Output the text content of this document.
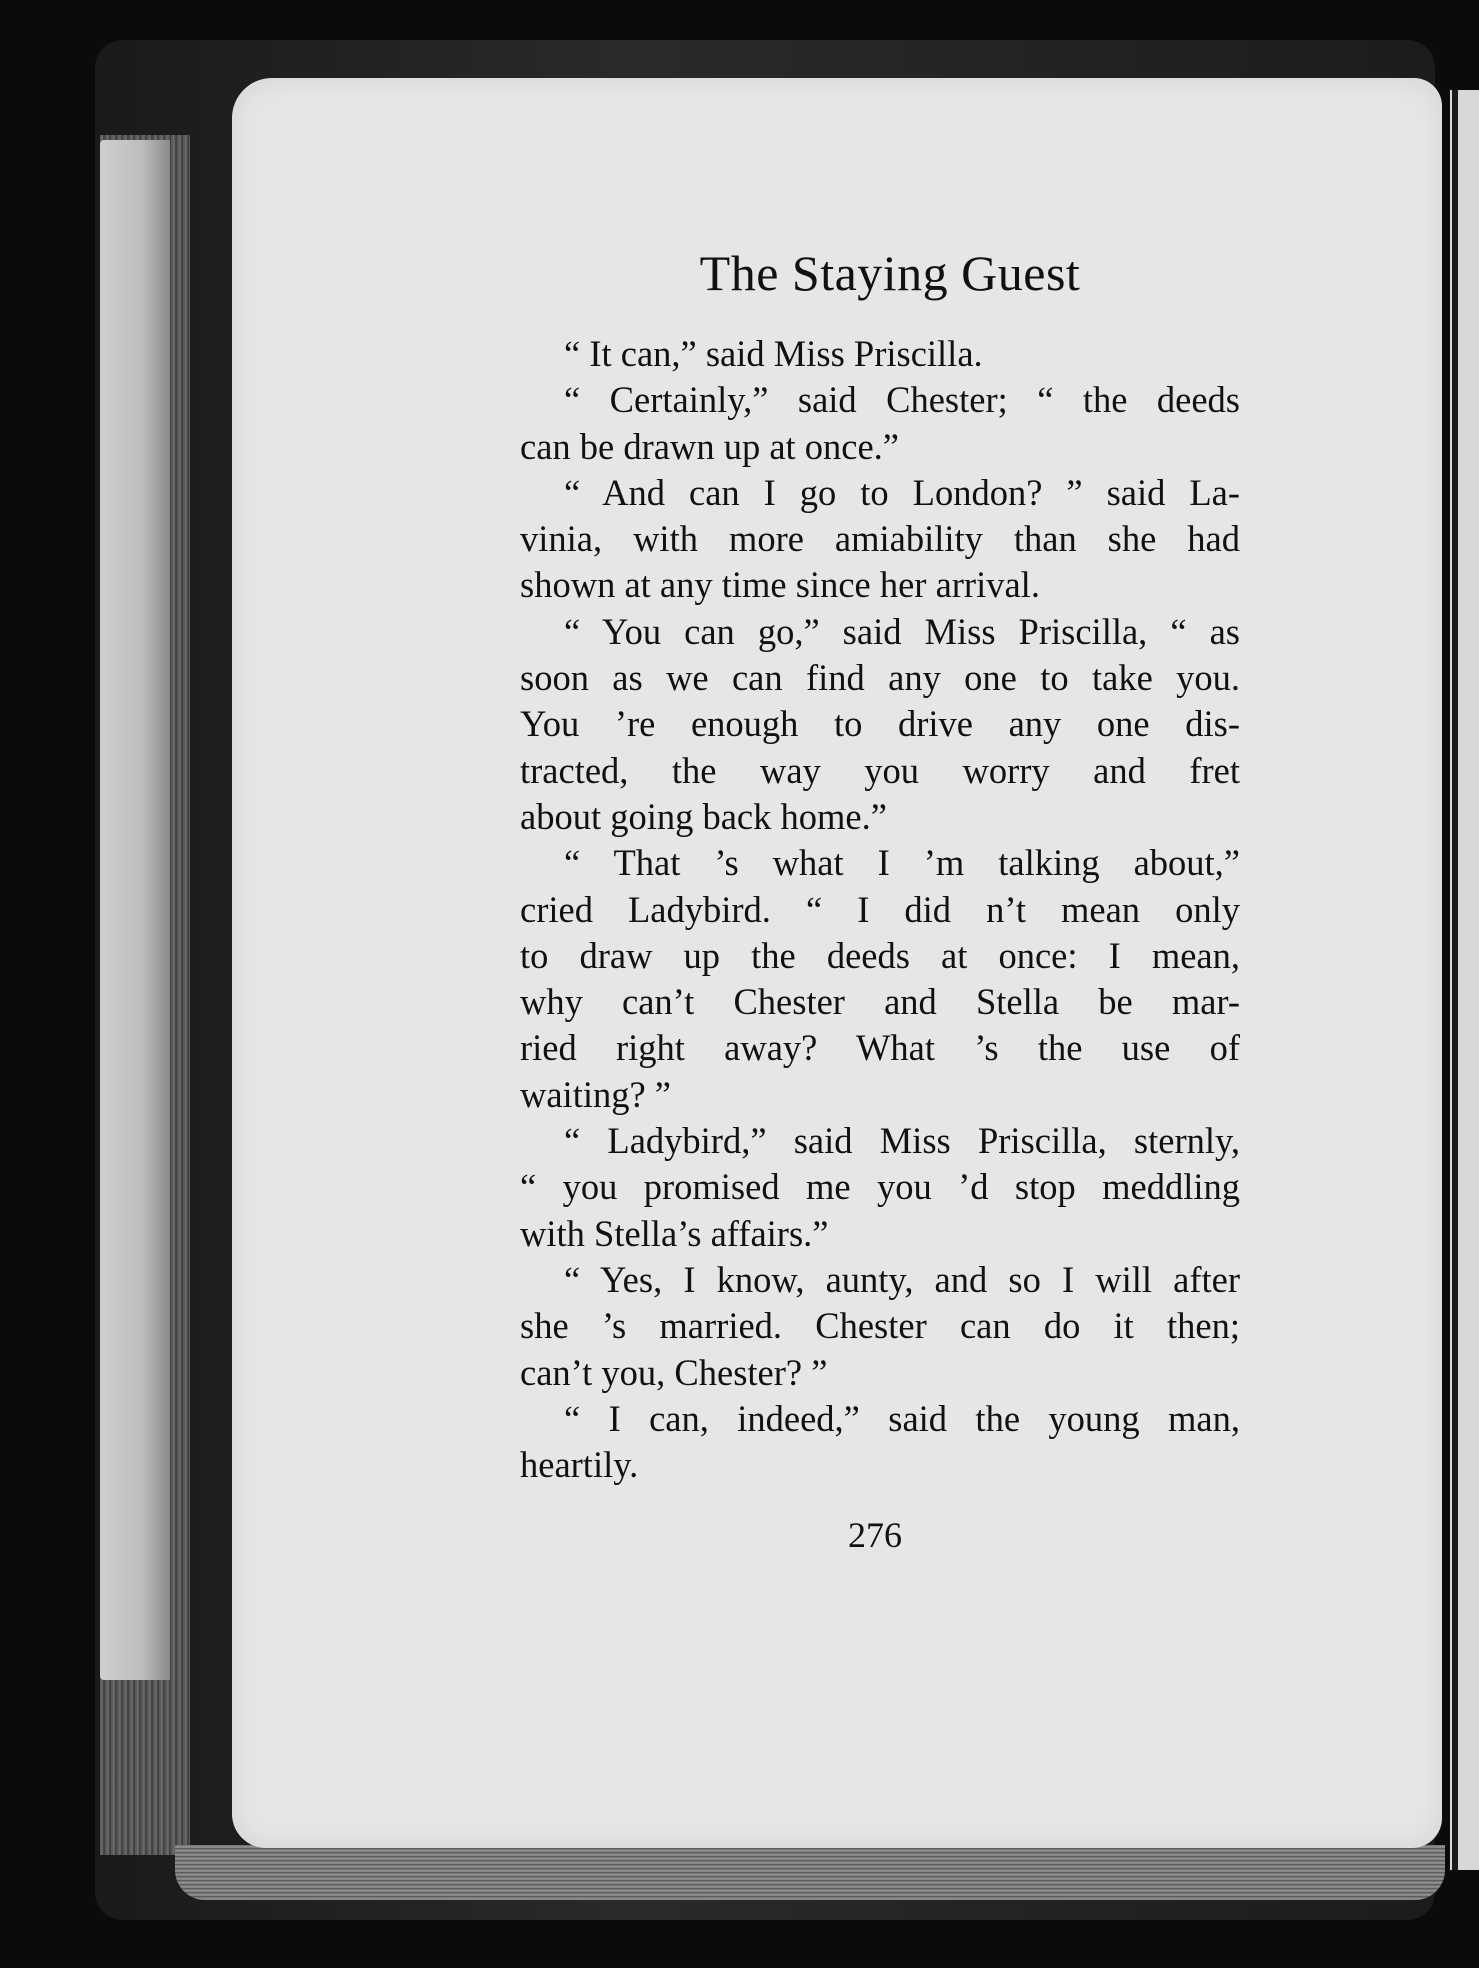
The Staying Guest
“ It can,” said Miss Priscilla.
“ Certainly,” said Chester; “ the deeds
can be drawn up at once.”
“ And can I go to London? ” said La-
vinia, with more amiability than she had
shown at any time since her arrival.
“ You can go,” said Miss Priscilla, “ as
soon as we can find any one to take you.
You ’re enough to drive any one dis-
tracted, the way you worry and fret
about going back home.”
“ That ’s what I ’m talking about,”
cried Ladybird. “ I did n’t mean only
to draw up the deeds at once: I mean,
why can’t Chester and Stella be mar-
ried right away? What ’s the use of
waiting? ”
“ Ladybird,” said Miss Priscilla, sternly,
“ you promised me you ’d stop meddling
with Stella’s affairs.”
“ Yes, I know, aunty, and so I will after
she ’s married. Chester can do it then;
can’t you, Chester? ”
“ I can, indeed,” said the young man,
heartily.
276
